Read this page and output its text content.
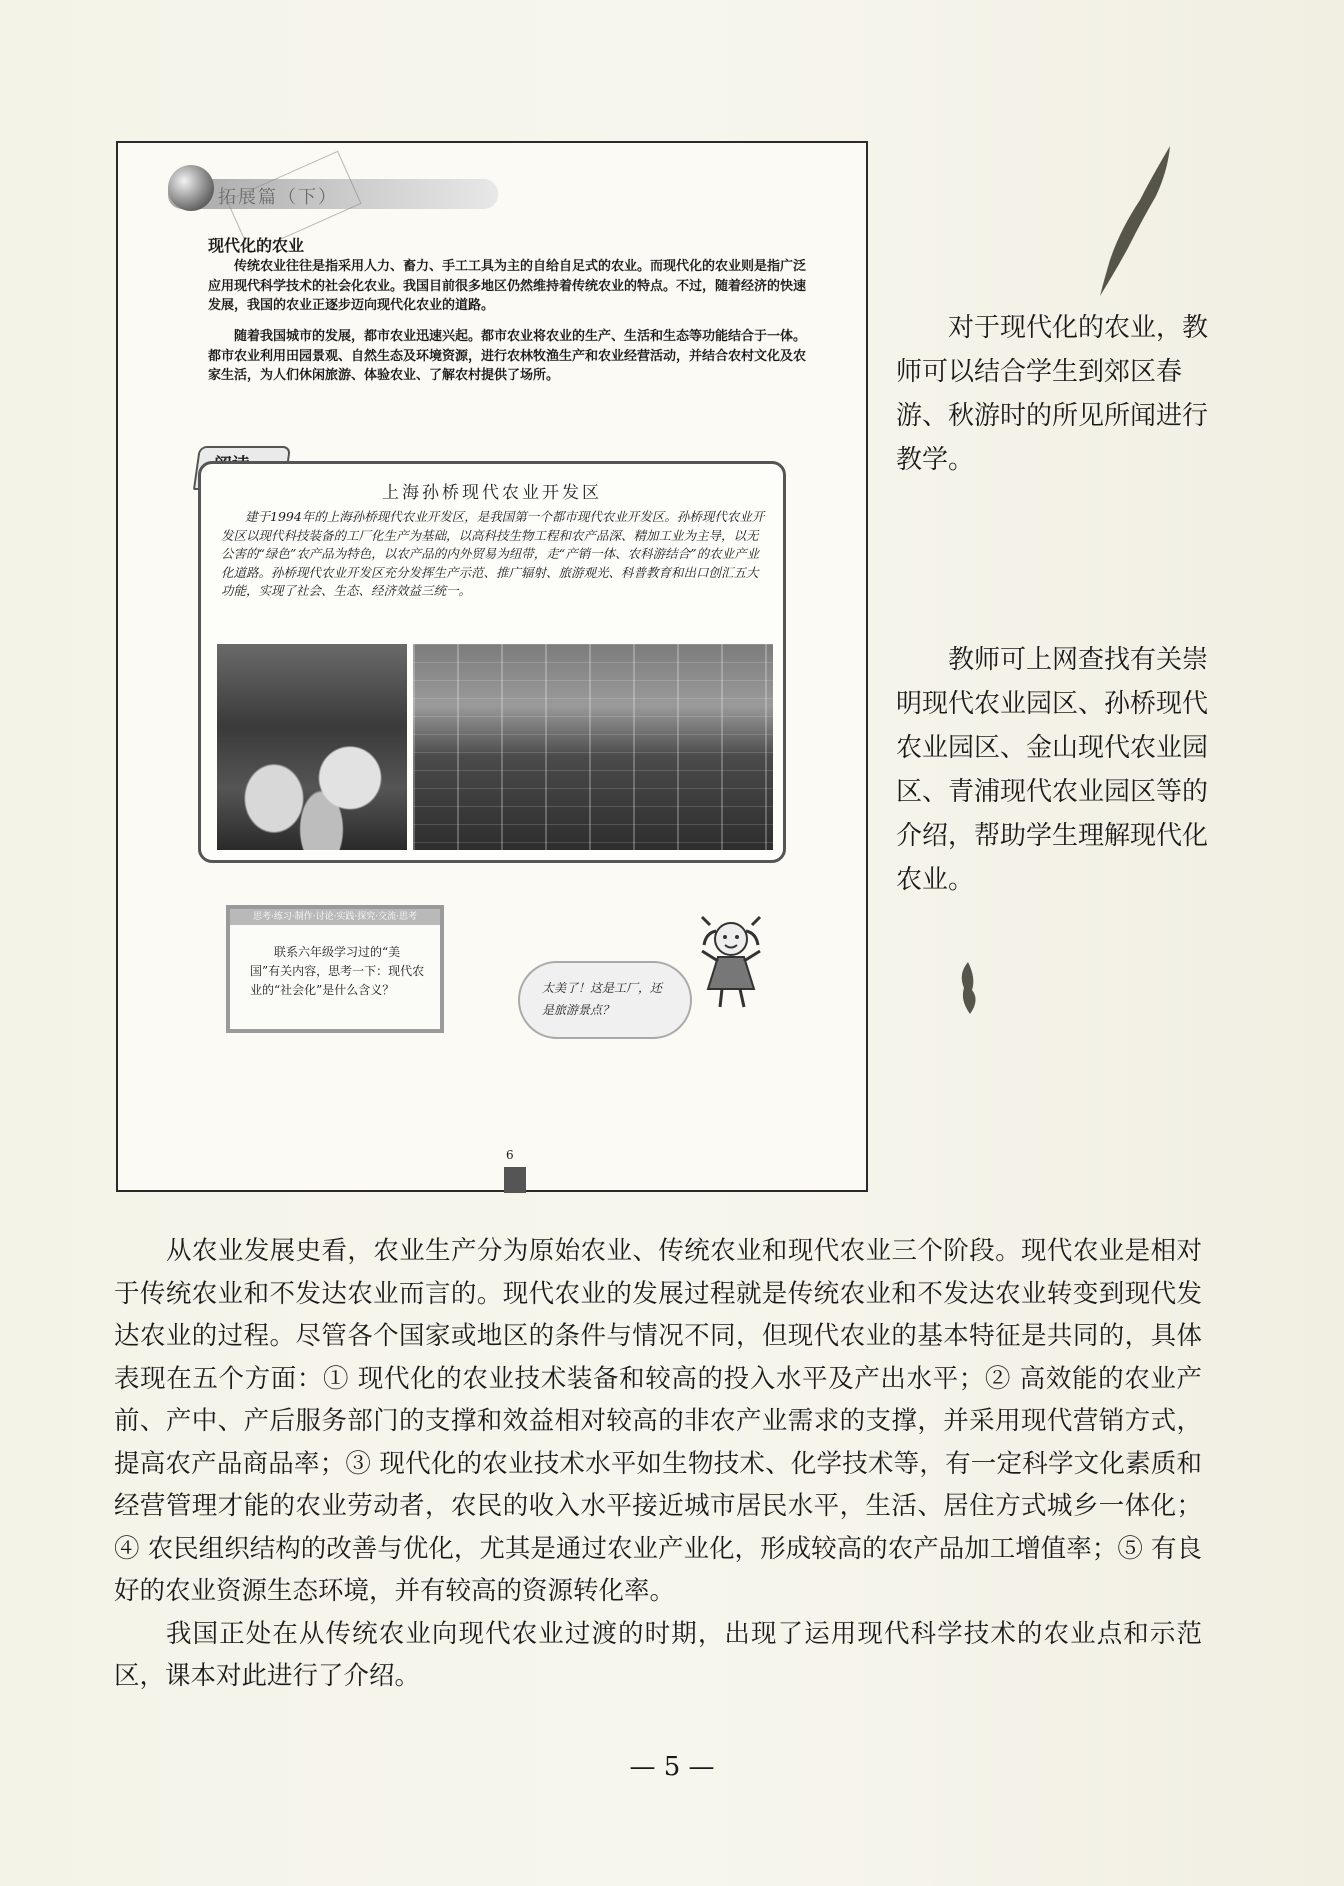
拓展篇（下）
现代化的农业

传统农业往往是指采用人力、畜力、手工工具为主的自给自足式的农业。而现代化的农业则是指广泛应用现代科学技术的社会化农业。我国目前很多地区仍然维持着传统农业的特点。不过，随着经济的快速发展，我国的农业正逐步迈向现代化农业的道路。

随着我国城市的发展，都市农业迅速兴起。都市农业将农业的生产、生活和生态等功能结合于一体。都市农业利用田园景观、自然生态及环境资源，进行农林牧渔生产和农业经营活动，并结合农村文化及农家生活，为人们休闲旅游、体验农业、了解农村提供了场所。

上海孙桥现代农业开发区

建于1994年的上海孙桥现代农业开发区，是我国第一个都市现代农业开发区。孙桥现代农业开发区以现代科技装备的工厂化生产为基础，以高科技生物工程和农产品深、精加工业为主导，以无公害的“绿色”农产品为特色，以农产品的内外贸易为纽带，走“产销一体、农科游结合”的农业产业化道路。孙桥现代农业开发区充分发挥生产示范、推广辐射、旅游观光、科普教育和出口创汇五大功能，实现了社会、生态、经济效益三统一。

思考·练习·制作·讨论·实践·探究·交流·思考

联系六年级学习过的“美国”有关内容，思考一下：现代农业的“社会化”是什么含义？	太美了！这是工厂，还是旅游景点？
6

对于现代化的农业，教师可以结合学生到郊区春游、秋游时的所见所闻进行教学。

教师可上网查找有关崇明现代农业园区、孙桥现代农业园区、金山现代农业园区、青浦现代农业园区等的介绍，帮助学生理解现代化农业。

从农业发展史看，农业生产分为原始农业、传统农业和现代农业三个阶段。现代农业是相对于传统农业和不发达农业而言的。现代农业的发展过程就是传统农业和不发达农业转变到现代发达农业的过程。尽管各个国家或地区的条件与情况不同，但现代农业的基本特征是共同的，具体表现在五个方面：① 现代化的农业技术装备和较高的投入水平及产出水平；② 高效能的农业产前、产中、产后服务部门的支撑和效益相对较高的非农产业需求的支撑，并采用现代营销方式，提高农产品商品率；③ 现代化的农业技术水平如生物技术、化学技术等，有一定科学文化素质和经营管理才能的农业劳动者，农民的收入水平接近城市居民水平，生活、居住方式城乡一体化；④ 农民组织结构的改善与优化，尤其是通过农业产业化，形成较高的农产品加工增值率；⑤ 有良好的农业资源生态环境，并有较高的资源转化率。

我国正处在从传统农业向现代农业过渡的时期，出现了运用现代科学技术的农业点和示范区，课本对此进行了介绍。

— 5 —
